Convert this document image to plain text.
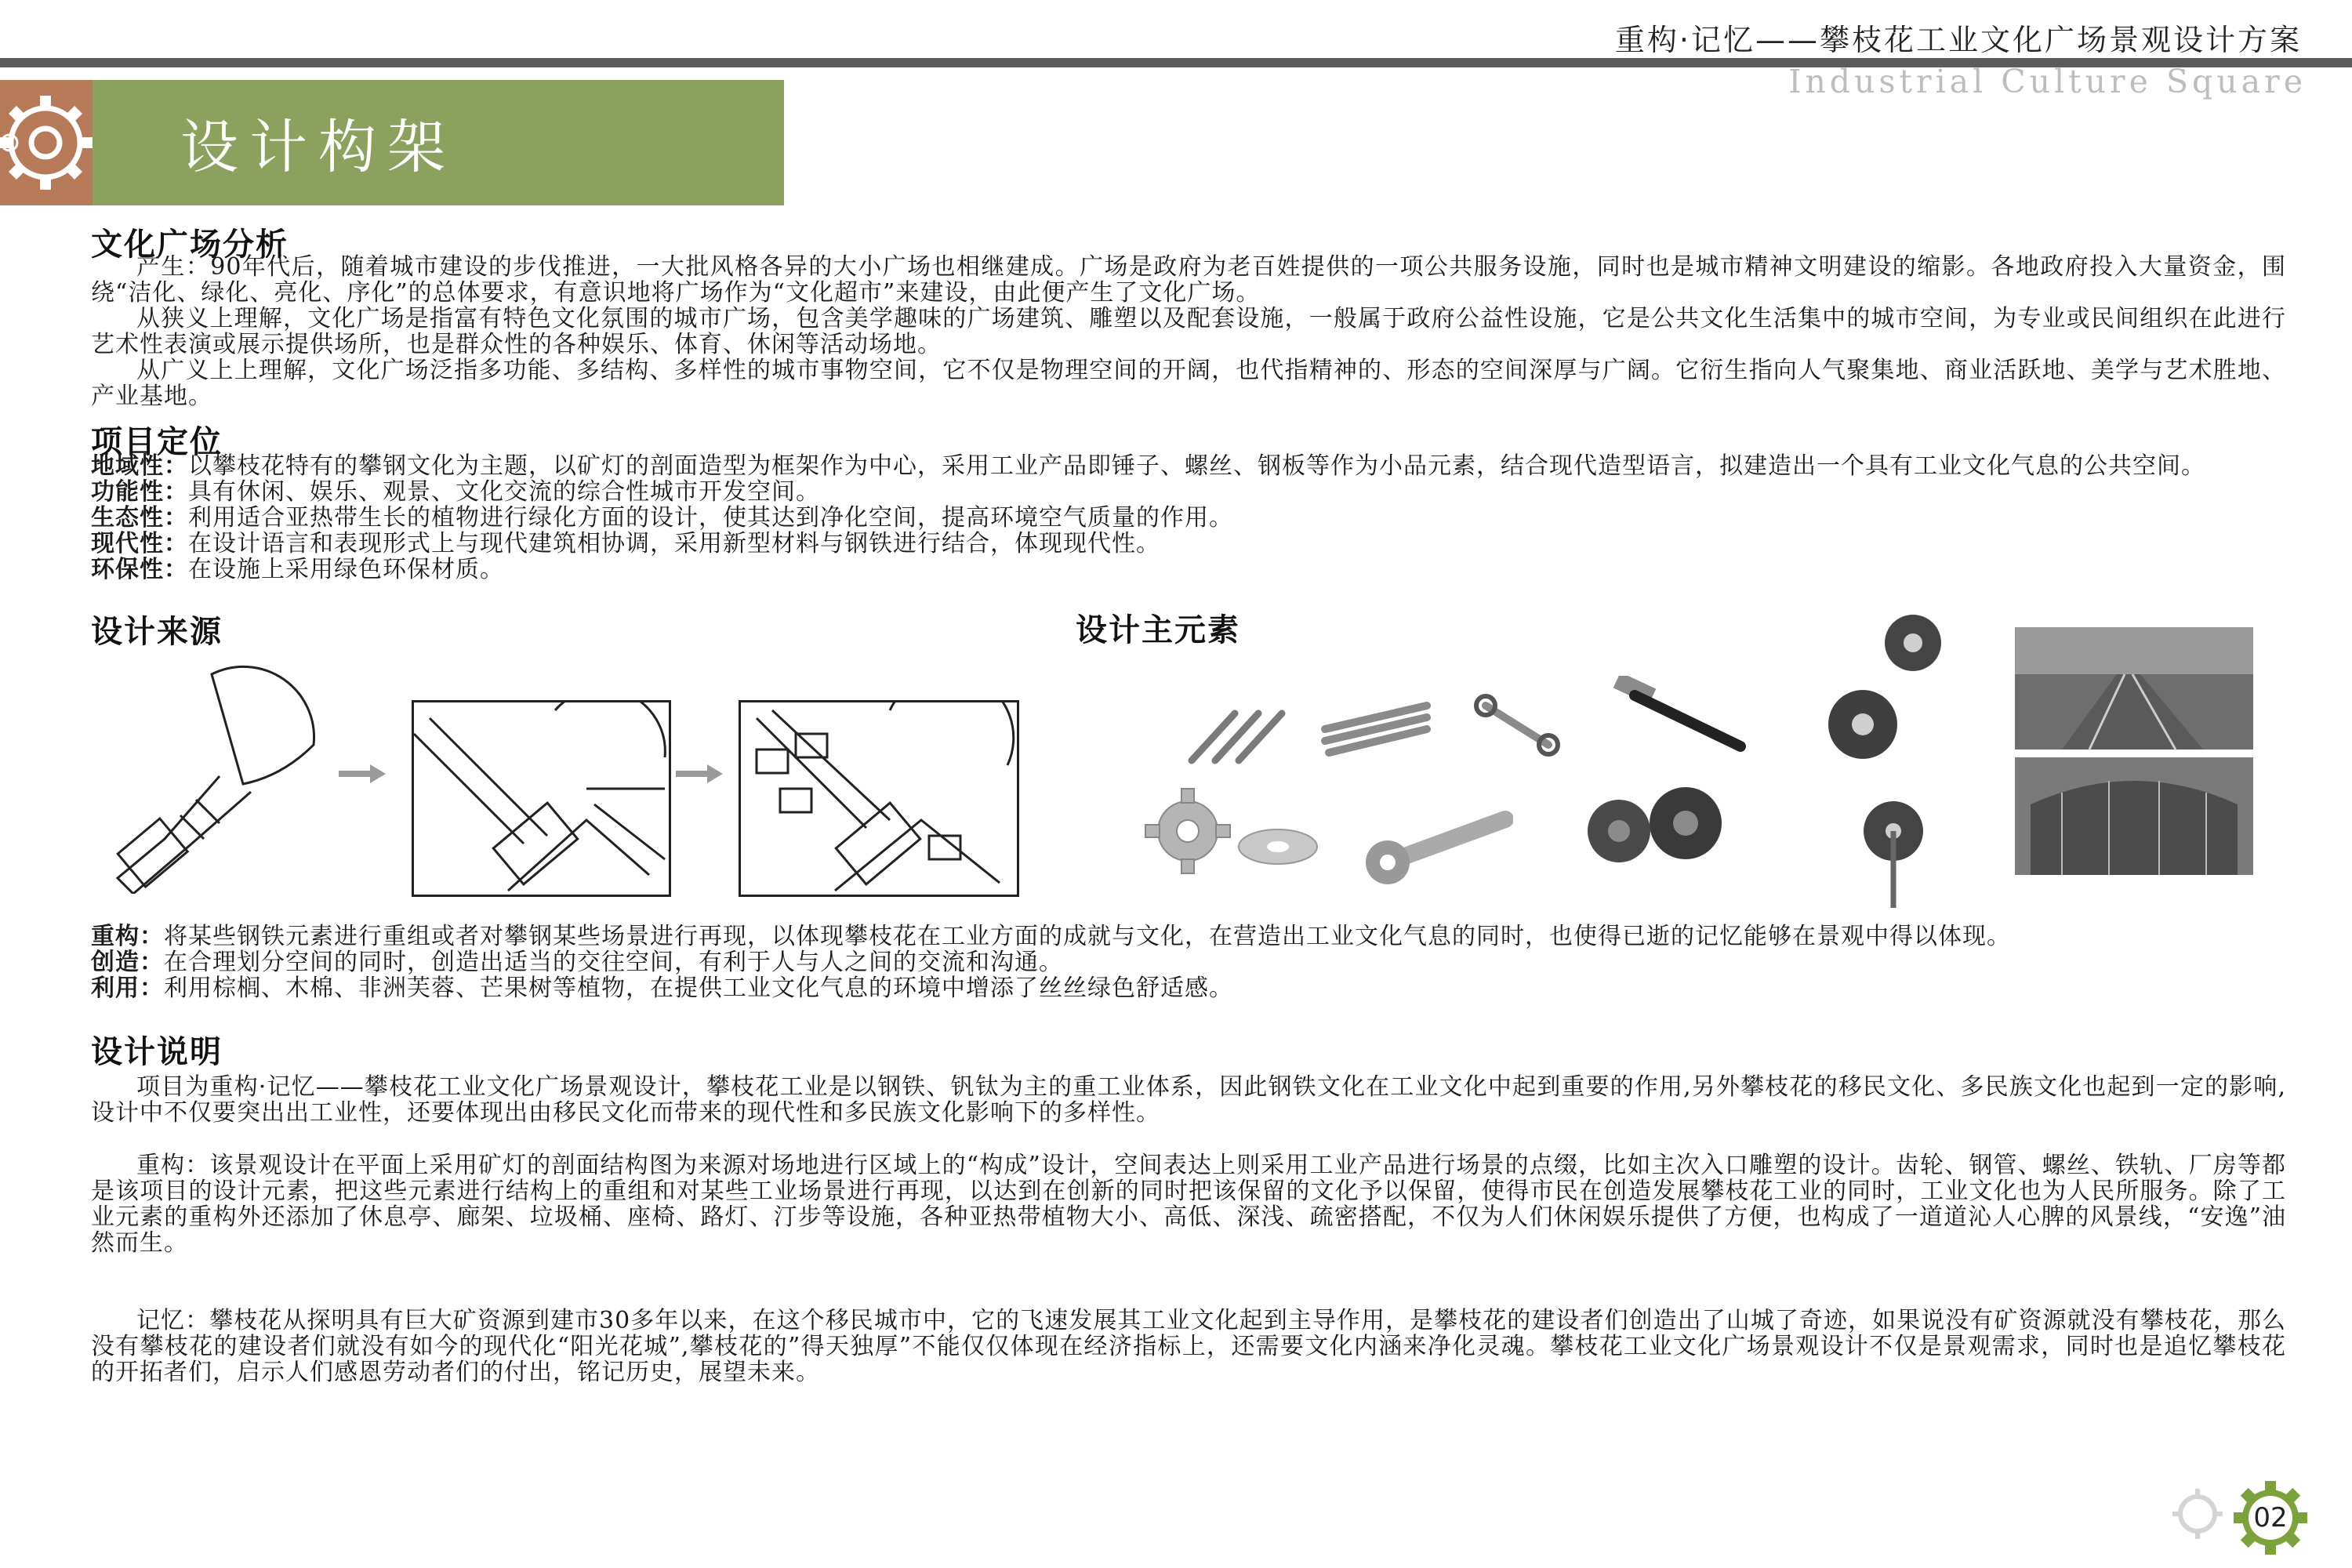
重构·记忆——攀枝花工业文化广场景观设计方案
Industrial Culture Square
设计构架
文化广场分析
产生：90年代后，随着城市建设的步伐推进，一大批风格各异的大小广场也相继建成。广场是政府为老百姓提供的一项公共服务设施，同时也是城市精神文明建设的缩影。各地政府投入大量资金，围绕“洁化、绿化、亮化、序化”的总体要求，有意识地将广场作为“文化超市”来建设，由此便产生了文化广场。
从狭义上理解，文化广场是指富有特色文化氛围的城市广场，包含美学趣味的广场建筑、雕塑以及配套设施，一般属于政府公益性设施，它是公共文化生活集中的城市空间，为专业或民间组织在此进行艺术性表演或展示提供场所，也是群众性的各种娱乐、体育、休闲等活动场地。
从广义上上理解，文化广场泛指多功能、多结构、多样性的城市事物空间，它不仅是物理空间的开阔，也代指精神的、形态的空间深厚与广阔。它衍生指向人气聚集地、商业活跃地、美学与艺术胜地、产业基地。
项目定位
地域性：以攀枝花特有的攀钢文化为主题，以矿灯的剖面造型为框架作为中心，采用工业产品即锤子、螺丝、钢板等作为小品元素，结合现代造型语言，拟建造出一个具有工业文化气息的公共空间。
功能性：具有休闲、娱乐、观景、文化交流的综合性城市开发空间。
生态性：利用适合亚热带生长的植物进行绿化方面的设计，使其达到净化空间，提高环境空气质量的作用。
现代性：在设计语言和表现形式上与现代建筑相协调，采用新型材料与钢铁进行结合，体现现代性。
环保性：在设施上采用绿色环保材质。
设计来源	设计主元素
重构：将某些钢铁元素进行重组或者对攀钢某些场景进行再现，以体现攀枝花在工业方面的成就与文化，在营造出工业文化气息的同时，也使得已逝的记忆能够在景观中得以体现。
创造：在合理划分空间的同时，创造出适当的交往空间，有利于人与人之间的交流和沟通。
利用：利用棕榈、木棉、非洲芙蓉、芒果树等植物，在提供工业文化气息的环境中增添了丝丝绿色舒适感。
设计说明
项目为重构·记忆——攀枝花工业文化广场景观设计，攀枝花工业是以钢铁、钒钛为主的重工业体系，因此钢铁文化在工业文化中起到重要的作用,另外攀枝花的移民文化、多民族文化也起到一定的影响,设计中不仅要突出出工业性，还要体现出由移民文化而带来的现代性和多民族文化影响下的多样性。
重构：该景观设计在平面上采用矿灯的剖面结构图为来源对场地进行区域上的“构成”设计，空间表达上则采用工业产品进行场景的点缀，比如主次入口雕塑的设计。齿轮、钢管、螺丝、铁轨、厂房等都是该项目的设计元素，把这些元素进行结构上的重组和对某些工业场景进行再现，以达到在创新的同时把该保留的文化予以保留，使得市民在创造发展攀枝花工业的同时，工业文化也为人民所服务。除了工业元素的重构外还添加了休息亭、廊架、垃圾桶、座椅、路灯、汀步等设施，各种亚热带植物大小、高低、深浅、疏密搭配，不仅为人们休闲娱乐提供了方便，也构成了一道道沁人心脾的风景线，“安逸”油然而生。
记忆：攀枝花从探明具有巨大矿资源到建市30多年以来，在这个移民城市中，它的飞速发展其工业文化起到主导作用，是攀枝花的建设者们创造出了山城了奇迹，如果说没有矿资源就没有攀枝花，那么没有攀枝花的建设者们就没有如今的现代化“阳光花城”,攀枝花的”得天独厚”不能仅仅体现在经济指标上，还需要文化内涵来净化灵魂。攀枝花工业文化广场景观设计不仅是景观需求，同时也是追忆攀枝花的开拓者们，启示人们感恩劳动者们的付出，铭记历史，展望未来。
02
